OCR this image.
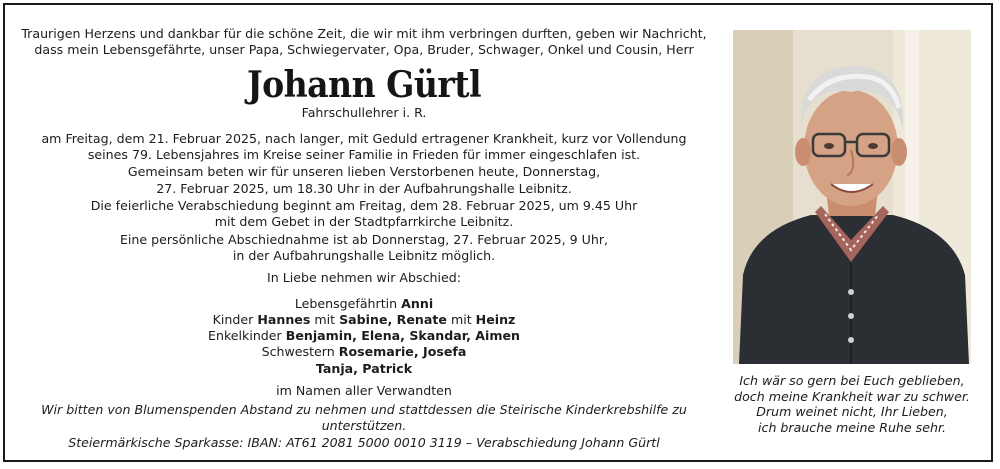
Traurigen Herzens und dankbar für die schöne Zeit, die wir mit ihm verbringen durften, geben wir Nachricht,

dass mein Lebensgefährte, unser Papa, Schwiegervater, Opa, Bruder, Schwager, Onkel und Cousin, Herr

Johann Gürtl

Fahrschullehrer i. R.

am Freitag, dem 21. Februar 2025, nach langer, mit Geduld ertragener Krankheit, kurz vor Vollendung

seines 79. Lebensjahres im Kreise seiner Familie in Frieden für immer eingeschlafen ist.

Gemeinsam beten wir für unseren lieben Verstorbenen heute, Donnerstag,

27. Februar 2025, um 18.30 Uhr in der Aufbahrungshalle Leibnitz.

Die feierliche Verabschiedung beginnt am Freitag, dem 28. Februar 2025, um 9.45 Uhr

mit dem Gebet in der Stadtpfarrkirche Leibnitz.

Eine persönliche Abschiednahme ist ab Donnerstag, 27. Februar 2025, 9 Uhr,

in der Aufbahrungshalle Leibnitz möglich.

In Liebe nehmen wir Abschied:

Lebensgefährtin Anni

Kinder Hannes mit Sabine, Renate mit Heinz

Enkelkinder Benjamin, Elena, Skandar, Aimen

Schwestern Rosemarie, Josefa

Tanja, Patrick

im Namen aller Verwandten

Wir bitten von Blumenspenden Abstand zu nehmen und stattdessen die Steirische Kinderkrebshilfe zu unterstützen.

Steiermärkische Sparkasse: IBAN: AT61 2081 5000 0010 3119 – Verabschiedung Johann Gürtl

Ich wär so gern bei Euch geblieben,

doch meine Krankheit war zu schwer.

Drum weinet nicht, Ihr Lieben,

ich brauche meine Ruhe sehr.
